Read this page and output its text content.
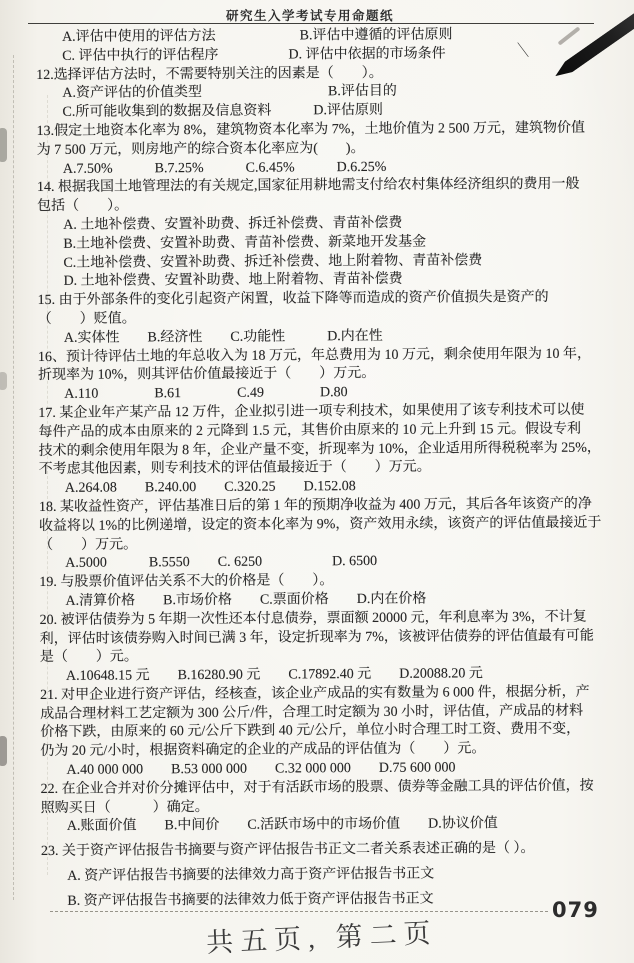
研究生入学考试专用命题纸
A.评估中使用的评估方法　　　　　　B.评估中遵循的评估原则
C. 评估中执行的评估程序　　　　　D. 评估中依据的市场条件
12.选择评估方法时，不需要特别关注的因素是（　　）。
A.资产评估的价值类型　　　　　　　　　B.评估目的
C.所可能收集到的数据及信息资料　　　D.评估原则
13.假定土地资本化率为 8%，建筑物资本化率为 7%，土地价值为 2 500 万元，建筑物价值
为 7 500 万元，则房地产的综合资本化率应为(　　)。
A.7.50%　　　B.7.25%　　　C.6.45%　　　D.6.25%
14. 根据我国土地管理法的有关规定,国家征用耕地需支付给农村集体经济组织的费用一般
包括（　　）。
A. 土地补偿费、安置补助费、拆迁补偿费、青苗补偿费
B.土地补偿费、安置补助费、青苗补偿费、新菜地开发基金
C.土地补偿费、安置补助费、拆迁补偿费、地上附着物、青苗补偿费
D. 土地补偿费、安置补助费、地上附着物、青苗补偿费
15. 由于外部条件的变化引起资产闲置，收益下降等而造成的资产价值损失是资产的
（　　）贬值。
A.实体性　　B.经济性　　C.功能性　　　D.内在性
16、预计待评估土地的年总收入为 18 万元，年总费用为 10 万元，剩余使用年限为 10 年，
折现率为 10%，则其评估价值最接近于（　　）万元。
A.110　　　　B.61　　　　C.49　　　　D.80
17. 某企业年产某产品 12 万件，企业拟引进一项专利技术，如果使用了该专利技术可以使
每件产品的成本由原来的 2 元降到 1.5 元，其售价由原来的 10 元上升到 15 元。假设专利
技术的剩余使用年限为 8 年，企业产量不变，折现率为 10%，企业适用所得税税率为 25%，
不考虑其他因素，则专利技术的评估值最接近于（　　）万元。
A.264.08　　B.240.00　　C.320.25　　D.152.08
18. 某收益性资产，评估基准日后的第 1 年的预期净收益为 400 万元，其后各年该资产的净
收益将以 1%的比例递增，设定的资本化率为 9%，资产效用永续，该资产的评估值最接近于
（　　）万元。
A.5000　　　B.5550　　C. 6250　　　　　D. 6500
19. 与股票价值评估关系不大的价格是（　　）。
A.清算价格　　B.市场价格　　C.票面价格　　D.内在价格
20. 被评估债券为 5 年期一次性还本付息债券，票面额 20000 元，年利息率为 3%，不计复
利，评估时该债券购入时间已满 3 年，设定折现率为 7%，该被评估债券的评估值最有可能
是（　　）元。
A.10648.15 元　　B.16280.90 元　　C.17892.40 元　　D.20088.20 元
21. 对甲企业进行资产评估，经核查，该企业产成品的实有数量为 6 000 件，根据分析，产
成品合理材料工艺定额为 300 公斤/件，合理工时定额为 30 小时，评估值，产成品的材料
价格下跌，由原来的 60 元/公斤下跌到 40 元/公斤，单位小时合理工时工资、费用不变，
仍为 20 元/小时，根据资料确定的企业的产成品的评估值为（　　）元。
A.40 000 000　　B.53 000 000　　C.32 000 000　　D.75 600 000
22. 在企业合并对价分摊评估中，对于有活跃市场的股票、债券等金融工具的评估价值，按
照购买日（　　　）确定。
A.账面价值　　B.中间价　　C.活跃市场中的市场价值　　D.协议价值
23. 关于资产评估报告书摘要与资产评估报告书正文二者关系表述正确的是（ ）。
A. 资产评估报告书摘要的法律效力高于资产评估报告书正文
B. 资产评估报告书摘要的法律效力低于资产评估报告书正文
＼
079
共五页, 第二页
